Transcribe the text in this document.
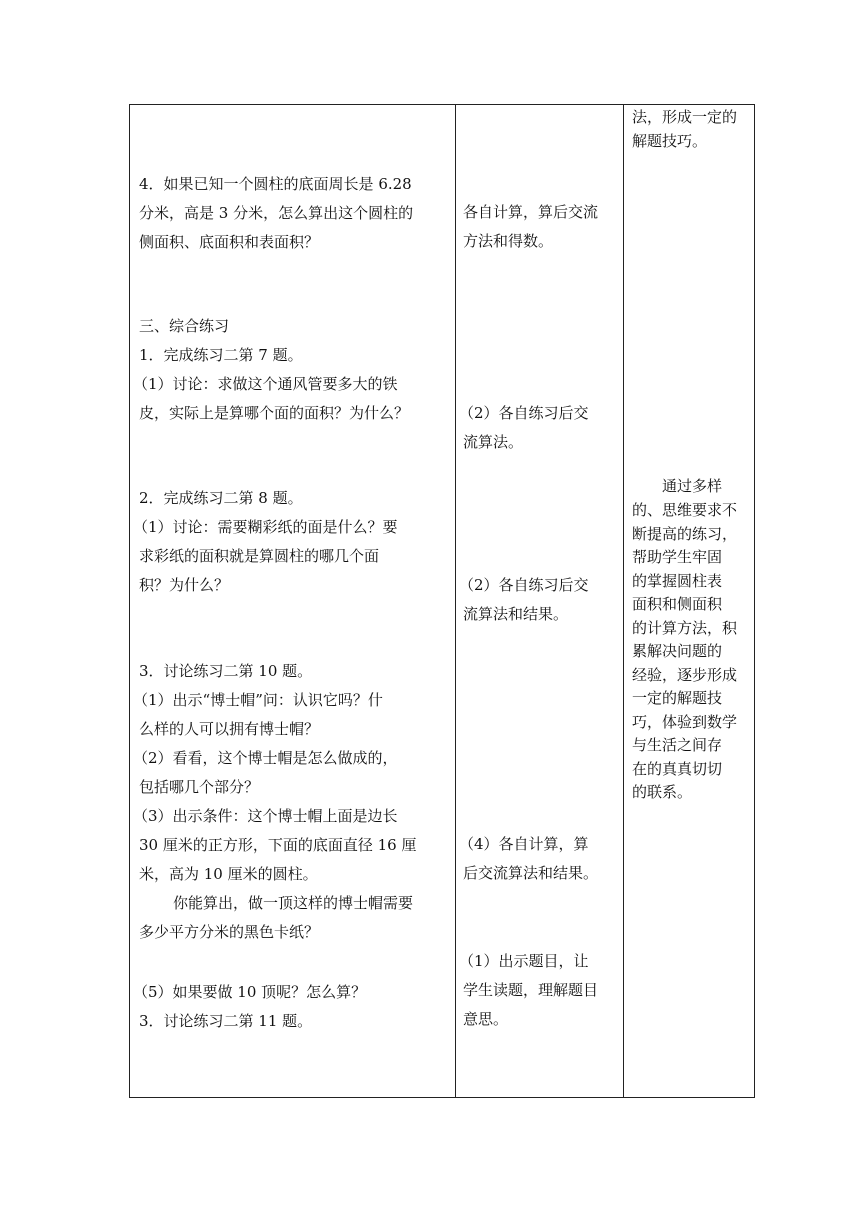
4．如果已知一个圆柱的底面周长是 6.28
分米，高是 3 分米，怎么算出这个圆柱的
侧面积、底面积和表面积？
三、综合练习
1．完成练习二第 7 题。
（1）讨论：求做这个通风管要多大的铁
皮，实际上是算哪个面的面积？为什么？
2．完成练习二第 8 题。
（1）讨论：需要糊彩纸的面是什么？要
求彩纸的面积就是算圆柱的哪几个面
积？为什么？
3．讨论练习二第 10 题。
（1）出示“博士帽”问：认识它吗？什
么样的人可以拥有博士帽？
（2）看看，这个博士帽是怎么做成的，
包括哪几个部分？
（3）出示条件：这个博士帽上面是边长
30 厘米的正方形，下面的底面直径 16 厘
米，高为 10 厘米的圆柱。
你能算出，做一顶这样的博士帽需要
多少平方分米的黑色卡纸？
（5）如果要做 10 顶呢？怎么算？
3．讨论练习二第 11 题。
各自计算，算后交流
方法和得数。
（2）各自练习后交
流算法。
（2）各自练习后交
流算法和结果。
（4）各自计算，算
后交流算法和结果。
（1）出示题目，让
学生读题，理解题目
意思。
法，形成一定的
解题技巧。
通过多样
的、思维要求不
断提高的练习，
帮助学生牢固
的掌握圆柱表
面积和侧面积
的计算方法，积
累解决问题的
经验，逐步形成
一定的解题技
巧，体验到数学
与生活之间存
在的真真切切
的联系。
